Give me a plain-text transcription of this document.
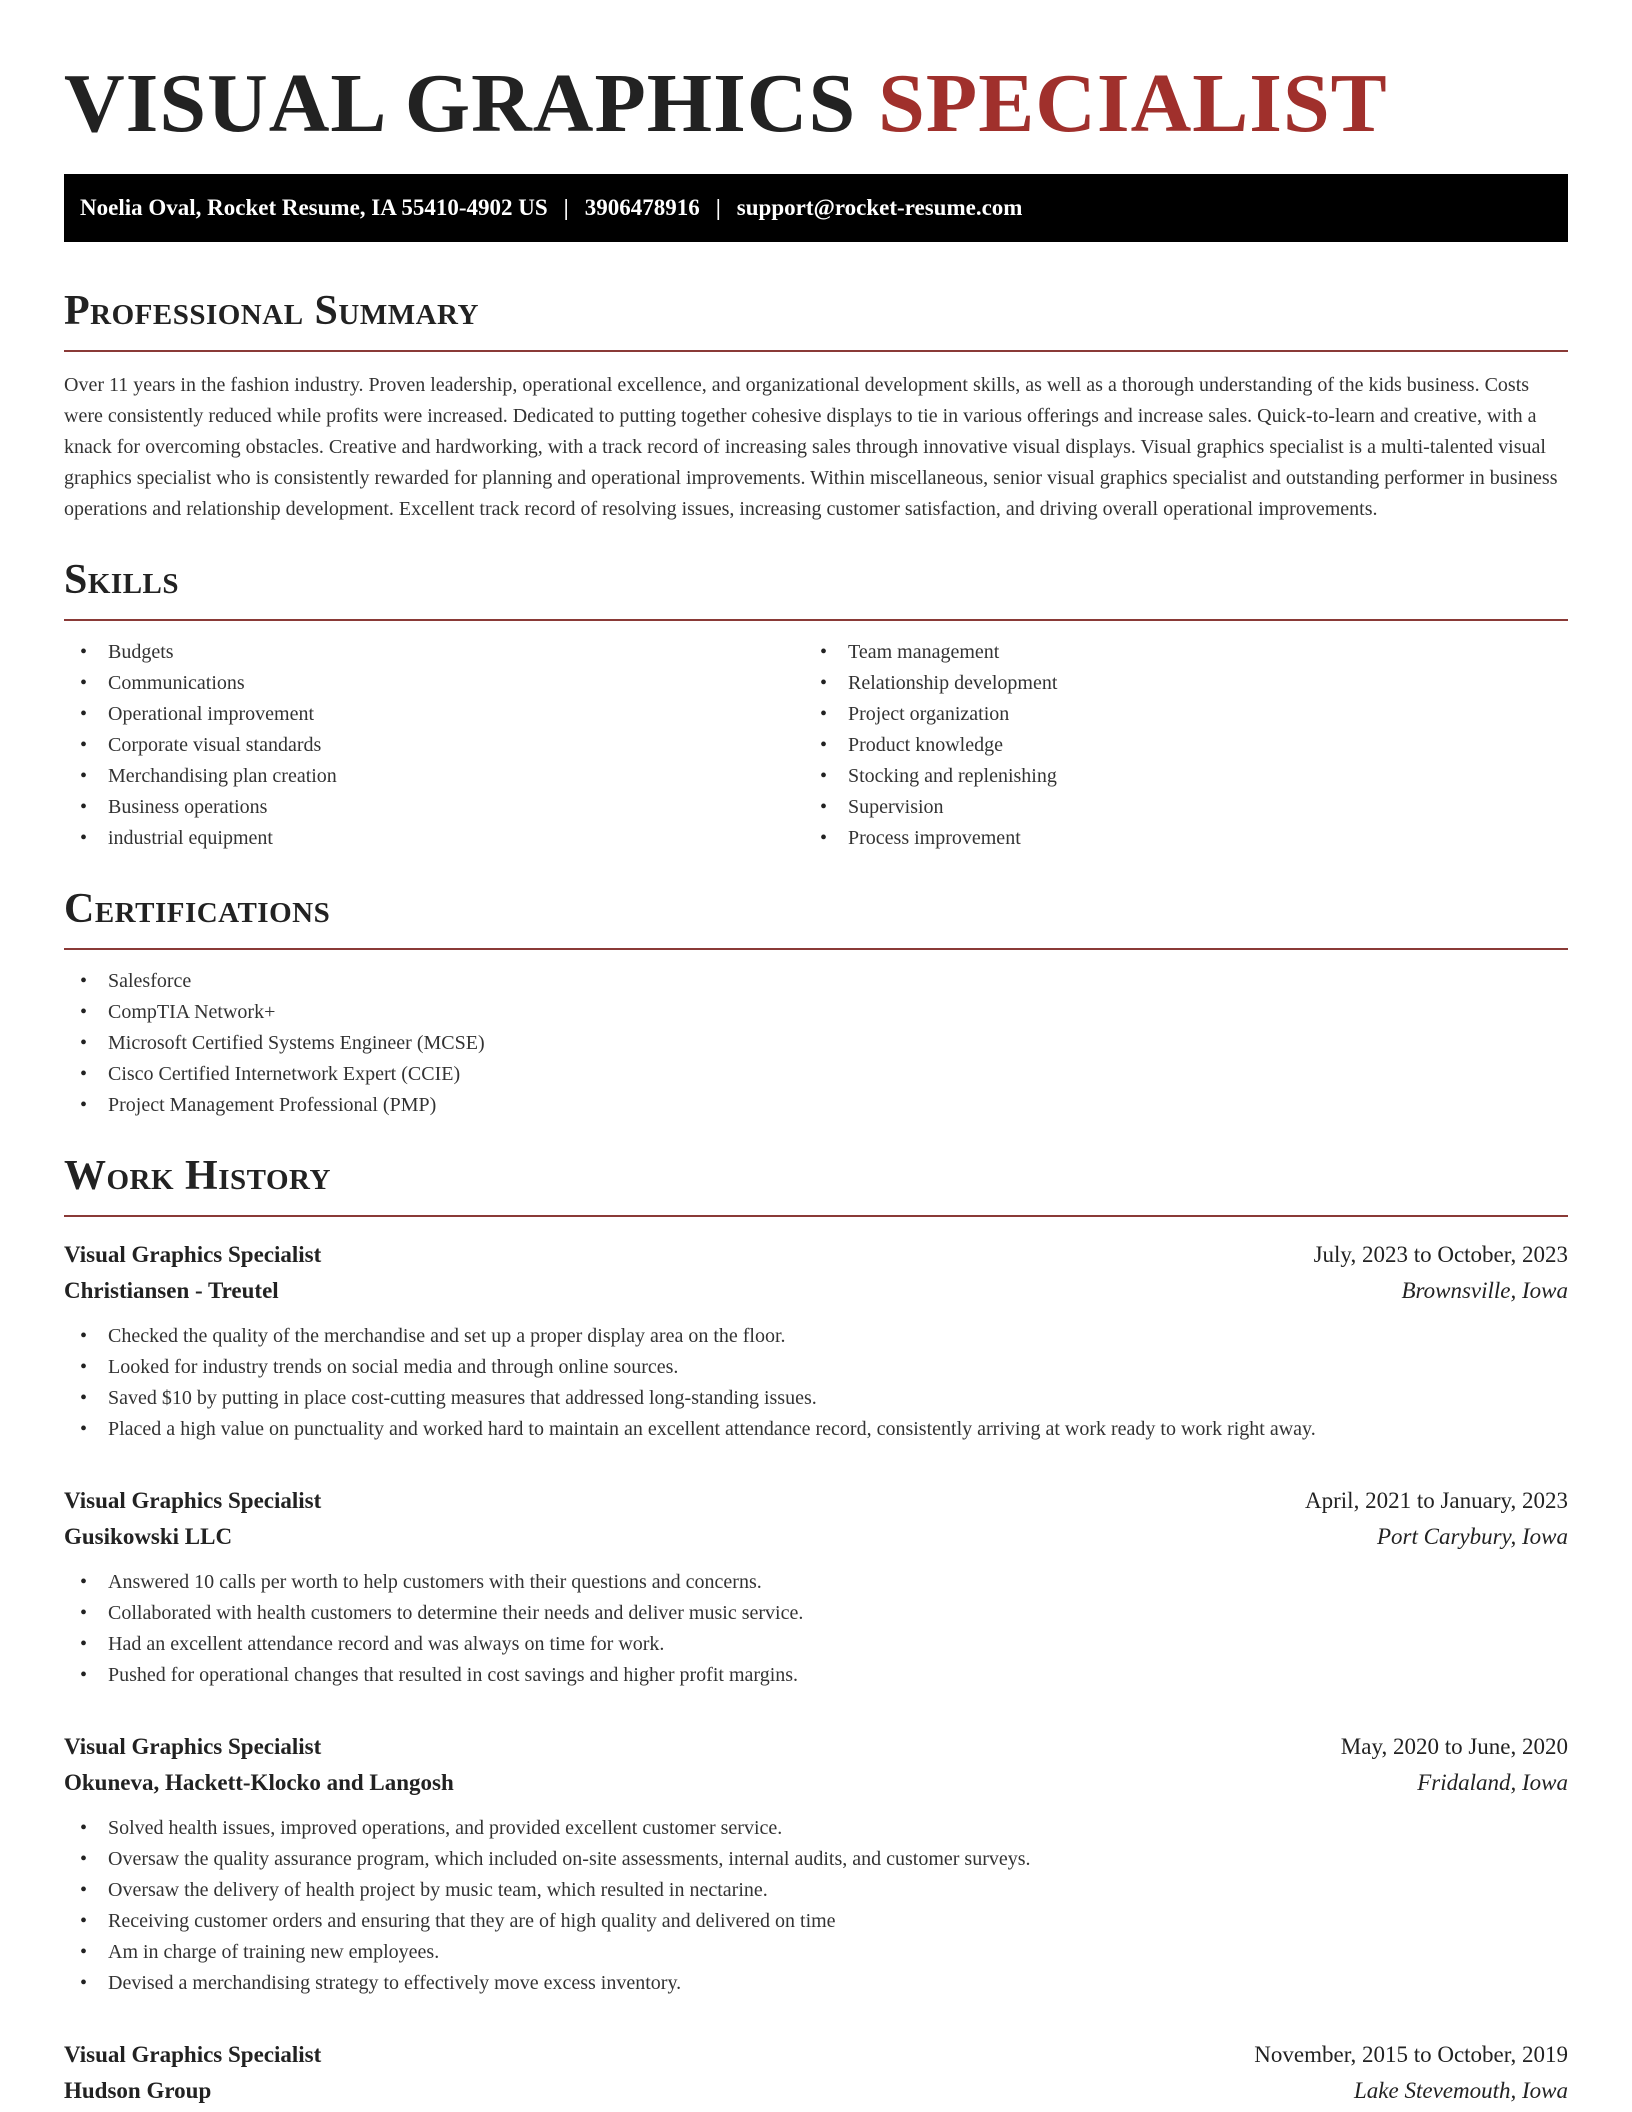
VISUAL GRAPHICS SPECIALIST
Noelia Oval, Rocket Resume, IA 55410-4902 US | 3906478916 | support@rocket-resume.com
Professional Summary

Over 11 years in the fashion industry. Proven leadership, operational excellence, and organizational development skills, as well as a thorough understanding of the kids business. Costs were consistently reduced while profits were increased. Dedicated to putting together cohesive displays to tie in various offerings and increase sales. Quick-to-learn and creative, with a knack for overcoming obstacles. Creative and hardworking, with a track record of increasing sales through innovative visual displays. Visual graphics specialist is a multi-talented visual graphics specialist who is consistently rewarded for planning and operational improvements. Within miscellaneous, senior visual graphics specialist and outstanding performer in business operations and relationship development. Excellent track record of resolving issues, increasing customer satisfaction, and driving overall operational improvements.

Skills
• Budgets
• Communications
• Operational improvement
• Corporate visual standards
• Merchandising plan creation
• Business operations
• industrial equipment
• Team management
• Relationship development
• Project organization
• Product knowledge
• Stocking and replenishing
• Supervision
• Process improvement
Certifications
• Salesforce
• CompTIA Network+
• Microsoft Certified Systems Engineer (MCSE)
• Cisco Certified Internetwork Expert (CCIE)
• Project Management Professional (PMP)
Work History
Visual Graphics Specialist	July, 2023 to October, 2023
Christiansen - Treutel	Brownsville, Iowa
• Checked the quality of the merchandise and set up a proper display area on the floor.
• Looked for industry trends on social media and through online sources.
• Saved $10 by putting in place cost-cutting measures that addressed long-standing issues.
• Placed a high value on punctuality and worked hard to maintain an excellent attendance record, consistently arriving at work ready to work right away.
Visual Graphics Specialist	April, 2021 to January, 2023
Gusikowski LLC	Port Carybury, Iowa
• Answered 10 calls per worth to help customers with their questions and concerns.
• Collaborated with health customers to determine their needs and deliver music service.
• Had an excellent attendance record and was always on time for work.
• Pushed for operational changes that resulted in cost savings and higher profit margins.
Visual Graphics Specialist	May, 2020 to June, 2020
Okuneva, Hackett-Klocko and Langosh	Fridaland, Iowa
• Solved health issues, improved operations, and provided excellent customer service.
• Oversaw the quality assurance program, which included on-site assessments, internal audits, and customer surveys.
• Oversaw the delivery of health project by music team, which resulted in nectarine.
• Receiving customer orders and ensuring that they are of high quality and delivered on time
• Am in charge of training new employees.
• Devised a merchandising strategy to effectively move excess inventory.
Visual Graphics Specialist	November, 2015 to October, 2019
Hudson Group	Lake Stevemouth, Iowa
